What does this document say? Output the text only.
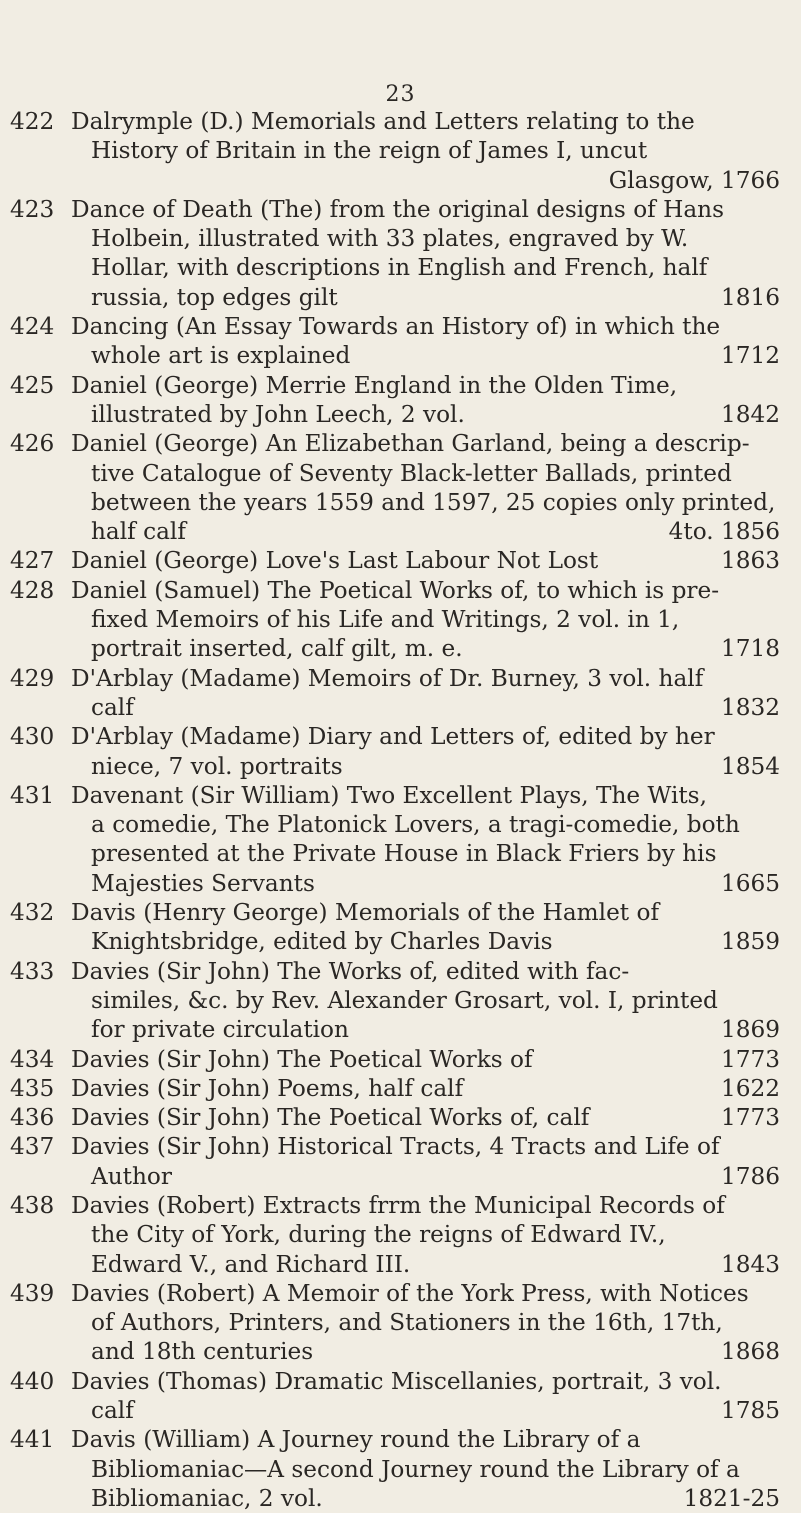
23
422 Dalrymple (D.) Memorials and Letters relating to the
History of Britain in the reign of James I, uncut
Glasgow, 1766
423 Dance of Death (The) from the original designs of Hans
Holbein, illustrated with 33 plates, engraved by W.
Hollar, with descriptions in English and French, half
russia, top edges gilt	1816
424 Dancing (An Essay Towards an History of) in which the
whole art is explained	1712
425 Daniel (George) Merrie England in the Olden Time,
illustrated by John Leech, 2 vol.	1842
426 Daniel (George) An Elizabethan Garland, being a descrip-
tive Catalogue of Seventy Black-letter Ballads, printed
between the years 1559 and 1597, 25 copies only printed,
half calf	4to. 1856
427 Daniel (George) Love's Last Labour Not Lost	1863
428 Daniel (Samuel) The Poetical Works of, to which is pre-
fixed Memoirs of his Life and Writings, 2 vol. in 1,
portrait inserted, calf gilt, m. e.	1718
429 D'Arblay (Madame) Memoirs of Dr. Burney, 3 vol. half
calf	1832
430 D'Arblay (Madame) Diary and Letters of, edited by her
niece, 7 vol. portraits	1854
431 Davenant (Sir William) Two Excellent Plays, The Wits,
a comedie, The Platonick Lovers, a tragi-comedie, both
presented at the Private House in Black Friers by his
Majesties Servants	1665
432 Davis (Henry George) Memorials of the Hamlet of
Knightsbridge, edited by Charles Davis	1859
433 Davies (Sir John) The Works of, edited with fac-
similes, &c. by Rev. Alexander Grosart, vol. I, printed
for private circulation	1869
434 Davies (Sir John) The Poetical Works of	1773
435 Davies (Sir John) Poems, half calf	1622
436 Davies (Sir John) The Poetical Works of, calf	1773
437 Davies (Sir John) Historical Tracts, 4 Tracts and Life of
Author	1786
438 Davies (Robert) Extracts frrm the Municipal Records of
the City of York, during the reigns of Edward IV.,
Edward V., and Richard III.	1843
439 Davies (Robert) A Memoir of the York Press, with Notices
of Authors, Printers, and Stationers in the 16th, 17th,
and 18th centuries	1868
440 Davies (Thomas) Dramatic Miscellanies, portrait, 3 vol.
calf	1785
441 Davis (William) A Journey round the Library of a
Bibliomaniac—A second Journey round the Library of a
Bibliomaniac, 2 vol.	1821-25
